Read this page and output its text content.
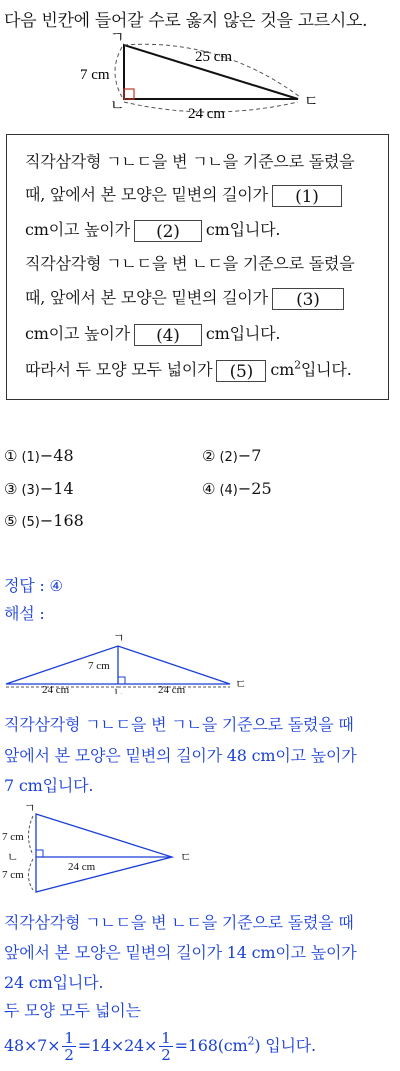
다음 빈칸에 들어갈 수로 옳지 않은 것을 고르시오.
ㄱ
ㄴ	ㄷ
25 cm
7 cm
24 cm
직각삼각형 ㄱㄴㄷ을 변 ㄱㄴ을 기준으로 돌렸을
때, 앞에서 본 모양은 밑변의 길이가 (1)
cm이고 높이가 (2) cm입니다.
직각삼각형 ㄱㄴㄷ을 변 ㄴㄷ을 기준으로 돌렸을
때, 앞에서 본 모양은 밑변의 길이가 (3)
cm이고 높이가 (4) cm입니다.
따라서 두 모양 모두 넓이가 (5) $cm^2$입니다.
① (1)−48	② (2)−7
③ (3)−14	④ (4)−25
⑤ (5)−168
정답 : ④
해설 :
ㄱ
ㄴ
ㄷ
7 cm
24 cm	24 cm
직각삼각형 ㄱㄴㄷ을 변 ㄱㄴ을 기준으로 돌렸을 때
앞에서 본 모양은 밑변의 길이가 48 cm이고 높이가
7 cm입니다.
ㄱ
ㄴ	ㄷ
7 cm
7 cm
24 cm
직각삼각형 ㄱㄴㄷ을 변 ㄴㄷ을 기준으로 돌렸을 때
앞에서 본 모양은 밑변의 길이가 14 cm이고 높이가
24 cm입니다.
두 모양 모두 넓이는
$48\times 7\times \frac{1}{2} =14\times 24\times \frac{1}{2} =168(cm^2)$ 입니다.
